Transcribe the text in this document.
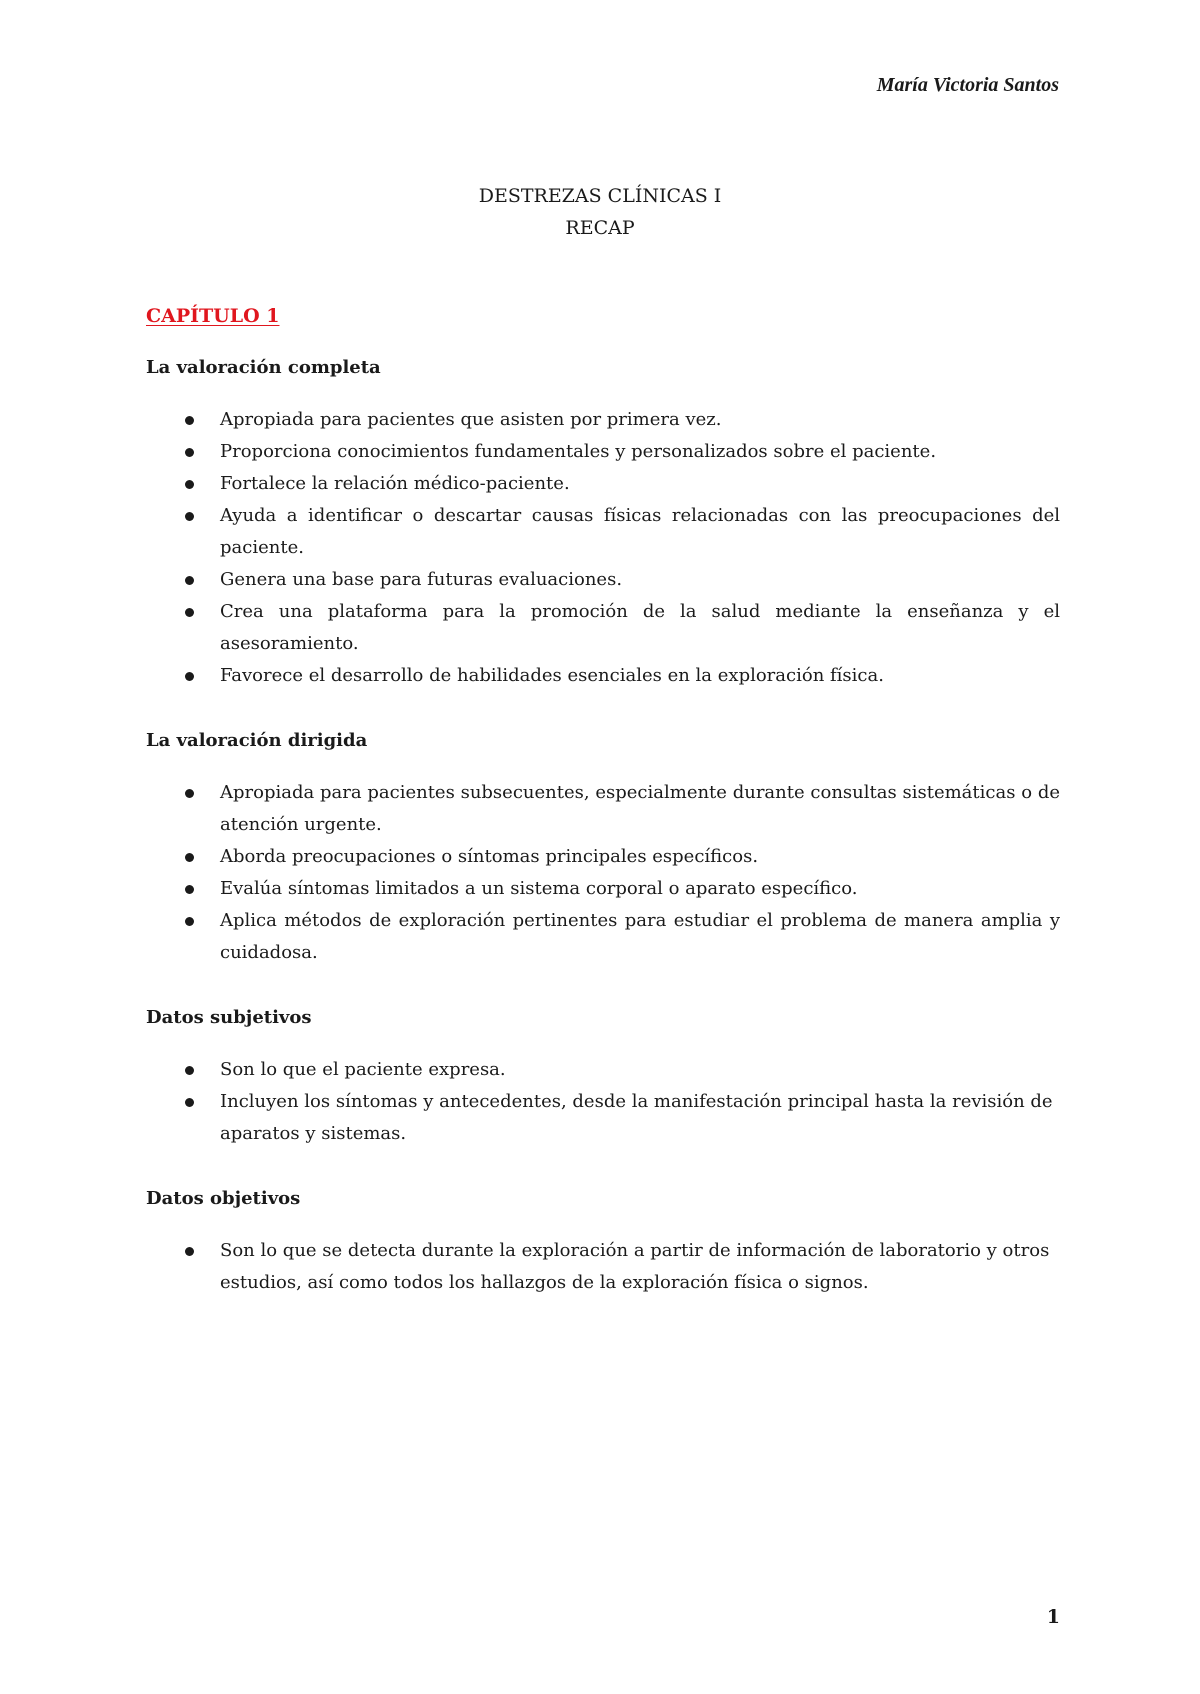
María Victoria Santos
DESTREZAS CLÍNICAS I
RECAP
CAPÍTULO 1
La valoración completa
Apropiada para pacientes que asisten por primera vez.
Proporciona conocimientos fundamentales y personalizados sobre el paciente.
Fortalece la relación médico-paciente.
Ayuda a identificar o descartar causas físicas relacionadas con las preocupaciones del paciente.
Genera una base para futuras evaluaciones.
Crea una plataforma para la promoción de la salud mediante la enseñanza y el asesoramiento.
Favorece el desarrollo de habilidades esenciales en la exploración física.
La valoración dirigida
Apropiada para pacientes subsecuentes, especialmente durante consultas sistemáticas o de atención urgente.
Aborda preocupaciones o síntomas principales específicos.
Evalúa síntomas limitados a un sistema corporal o aparato específico.
Aplica métodos de exploración pertinentes para estudiar el problema de manera amplia y cuidadosa.
Datos subjetivos
Son lo que el paciente expresa.
Incluyen los síntomas y antecedentes, desde la manifestación principal hasta la revisión de aparatos y sistemas.
Datos objetivos
Son lo que se detecta durante la exploración a partir de información de laboratorio y otros estudios, así como todos los hallazgos de la exploración física o signos.
1
